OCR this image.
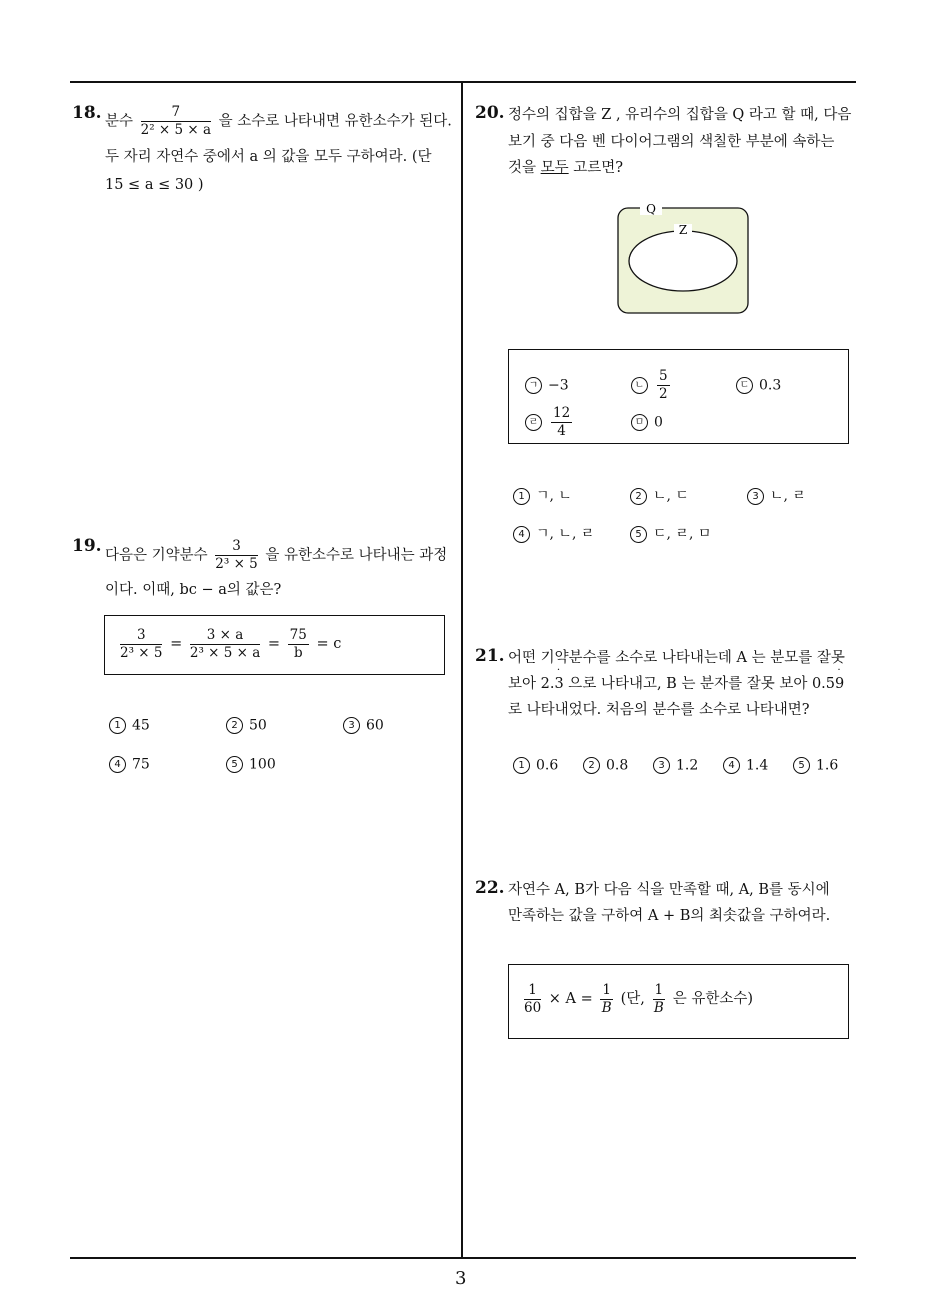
3
18. 분수 $\frac{7}{\text{2² × 5 × a}}$ 을 소수로 나타내면 유한소수가 된다.
두 자리 자연수 중에서 a 의 값을 모두 구하여라. (단
15 ≤ a ≤ 30 )
19. 다음은 기약분수 $\frac{3}{\text{2³ × 5}}$ 을 유한소수로 나타내는 과정
이다. 이때, bc − a의 값은?
$\frac{3}{\text{2³ × 5}} = \frac{3 \times a}{\text{2³ × 5 × a}} = \frac{75}{b} = c$
1 45	2 50	3 60
4 75	5 100
20. 정수의 집합을 Z , 유리수의 집합을 Q 라고 할 때, 다음
보기 중 다음 벤 다이어그램의 색칠한 부분에 속하는
것을 모두 고르면?
Q
Z
ㄱ −3	ㄴ $\frac{5}{2}$	ㄷ 0.3
ㄹ $\frac{12}{4}$	ㅁ 0
1 ㄱ, ㄴ	2 ㄴ, ㄷ	3 ㄴ, ㄹ
4 ㄱ, ㄴ, ㄹ	5 ㄷ, ㄹ, ㅁ
21. 어떤 기약분수를 소수로 나타내는데 A 는 분모를 잘못
보아 2.3 ˙ 으로 나타내고, B 는 분자를 잘못 보아 0.59 ˙
로 나타내었다. 처음의 분수를 소수로 나타내면?
1 0.6	2 0.8	3 1.2	4 1.4	5 1.6
22. 자연수 A, B가 다음 식을 만족할 때, A, B를 동시에
만족하는 값을 구하여 A + B의 최솟값을 구하여라.
$\frac{1}{60} \times A = \frac{1}{B}$ (단, $\frac{1}{B}$ 은 유한소수)
